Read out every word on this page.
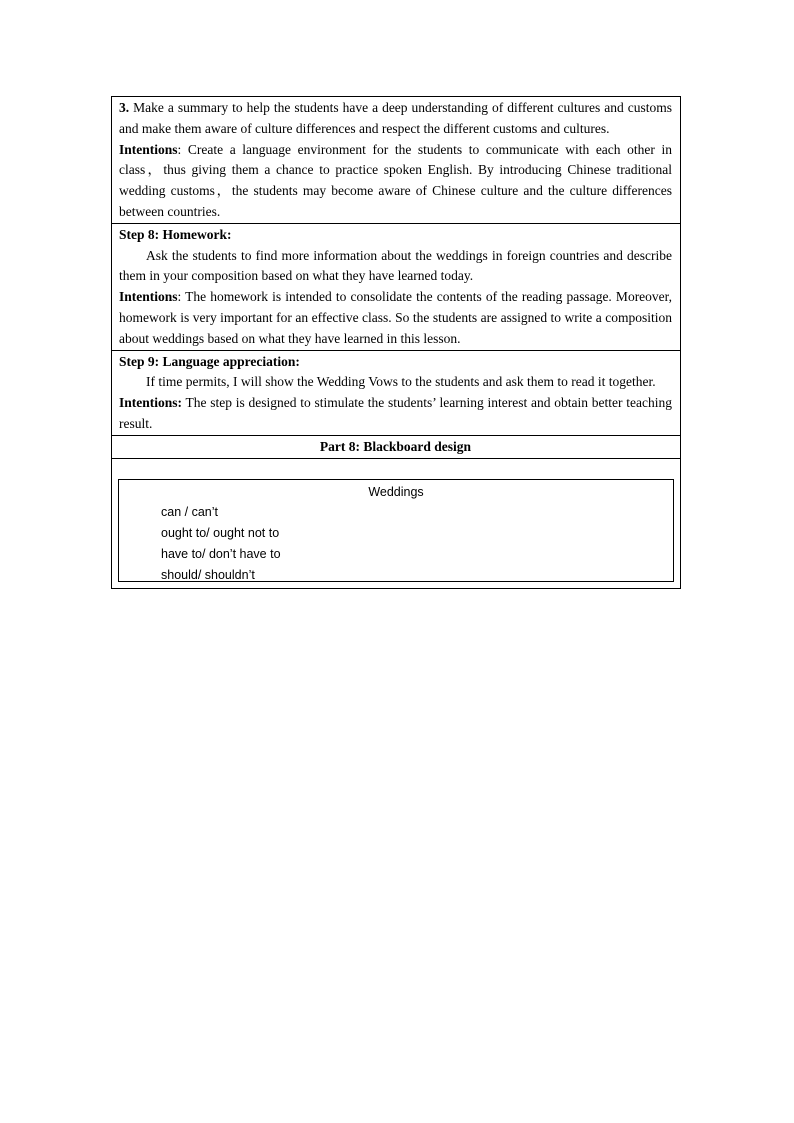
3. Make a summary to help the students have a deep understanding of different cultures and customs and make them aware of culture differences and respect the different customs and cultures.

Intentions: Create a language environment for the students to communicate with each other in class，thus giving them a chance to practice spoken English. By introducing Chinese traditional wedding customs，the students may become aware of Chinese culture and the culture differences between countries.

Step 8: Homework:

Ask the students to find more information about the weddings in foreign countries and describe them in your composition based on what they have learned today.

Intentions: The homework is intended to consolidate the contents of the reading passage. Moreover, homework is very important for an effective class. So the students are assigned to write a composition about weddings based on what they have learned in this lesson.

Step 9: Language appreciation:

If time permits, I will show the Wedding Vows to the students and ask them to read it together.

Intentions: The step is designed to stimulate the students’ learning interest and obtain better teaching result.

Part 8: Blackboard design

Weddings
can / can’t
ought to/ ought not to
have to/ don’t have to
should/ shouldn’t
